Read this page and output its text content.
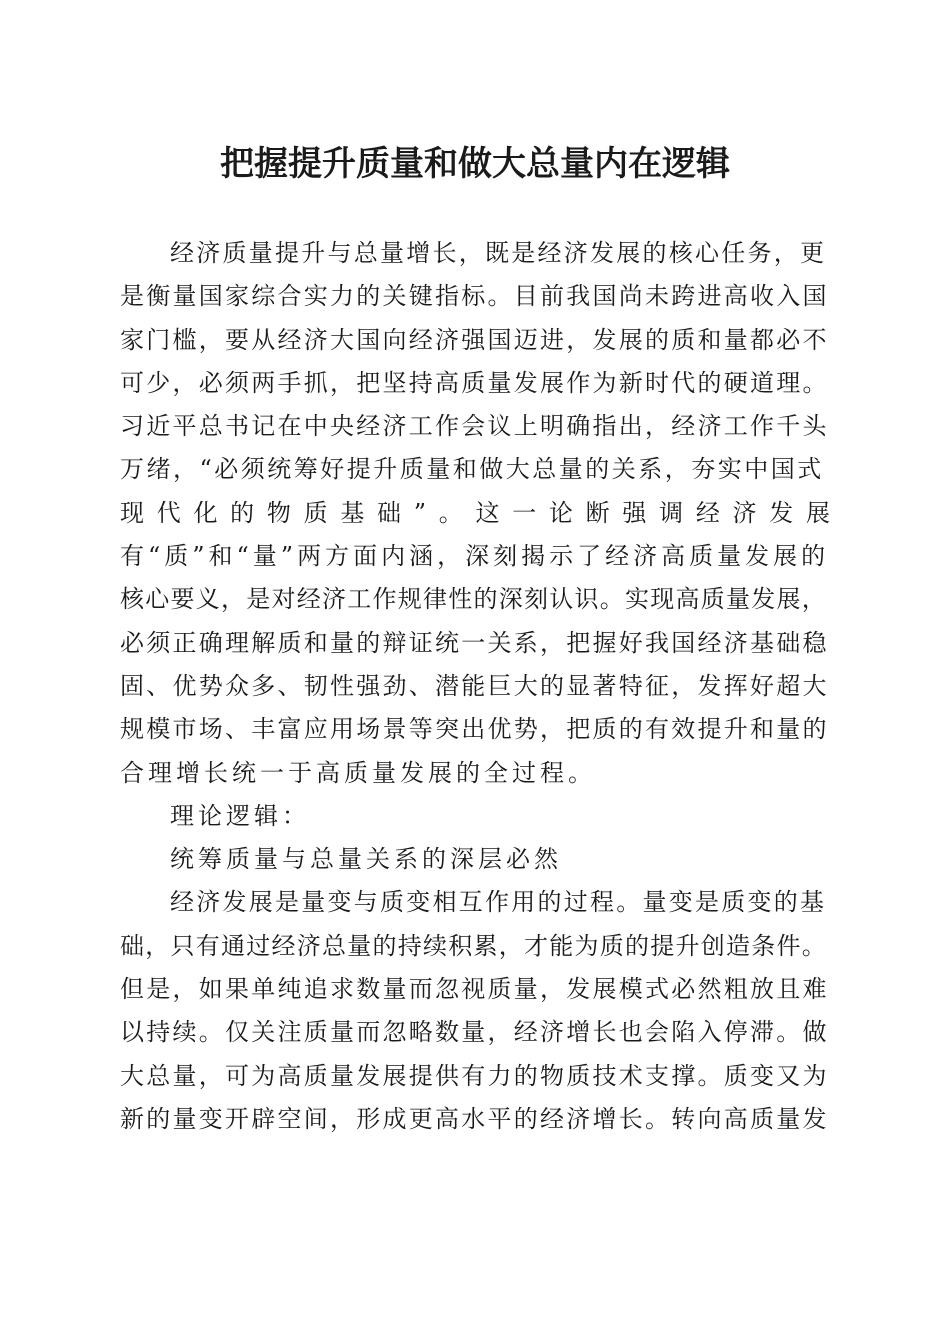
把握提升质量和做大总量内在逻辑

经济质量提升与总量增长，既是经济发展的核心任务，更

是衡量国家综合实力的关键指标。目前我国尚未跨进高收入国

家门槛，要从经济大国向经济强国迈进，发展的质和量都必不

可少，必须两手抓，把坚持高质量发展作为新时代的硬道理。

习近平总书记在中央经济工作会议上明确指出，经济工作千头

万绪，“必须统筹好提升质量和做大总量的关系，夯实中国式

现代化的物质基础”。这一论断强调经济发展

有“质”和“量”两方面内涵，深刻揭示了经济高质量发展的

核心要义，是对经济工作规律性的深刻认识。实现高质量发展，

必须正确理解质和量的辩证统一关系，把握好我国经济基础稳

固、优势众多、韧性强劲、潜能巨大的显著特征，发挥好超大

规模市场、丰富应用场景等突出优势，把质的有效提升和量的

合理增长统一于高质量发展的全过程。

理论逻辑：

统筹质量与总量关系的深层必然

经济发展是量变与质变相互作用的过程。量变是质变的基

础，只有通过经济总量的持续积累，才能为质的提升创造条件。

但是，如果单纯追求数量而忽视质量，发展模式必然粗放且难

以持续。仅关注质量而忽略数量，经济增长也会陷入停滞。做

大总量，可为高质量发展提供有力的物质技术支撑。质变又为

新的量变开辟空间，形成更高水平的经济增长。转向高质量发
